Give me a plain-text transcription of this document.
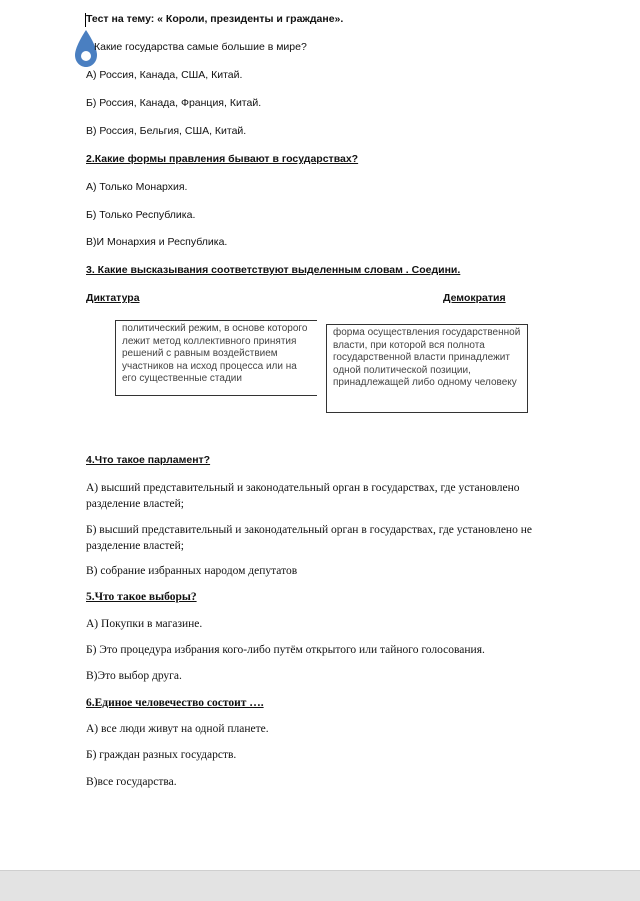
Тест на тему: « Короли, президенты и граждане».
Какие государства самые большие в мире?
А) Россия, Канада, США, Китай.
Б) Россия, Канада, Франция, Китай.
В) Россия, Бельгия, США, Китай.
2.Какие формы правления бывают в государствах?
А) Только Монархия.
Б) Только Республика.
В)И Монархия и Республика.
3. Какие высказывания соответствуют выделенным словам . Соедини.
Диктатура	Демократия
политический режим, в основе которого лежит метод коллективного принятия решений с равным воздействием участников на исход процесса или на его существенные стадии
форма осуществления государственной власти, при которой вся полнота государственной власти принадлежит одной политической позиции, принадлежащей либо одному человеку
4.Что такое парламент?
А) высший представительный и законодательный орган в государствах, где установлено разделение властей;
Б) высший представительный и законодательный орган в государствах, где установлено не разделение властей;
В) собрание избранных народом депутатов
5.Что такое выборы?
А) Покупки в магазине.
Б) Это процедура избрания кого-либо путём открытого или тайного голосования.
В)Это выбор друга.
6.Единое человечество состоит ….
А) все люди живут на одной планете.
Б) граждан разных государств.
В)все государства.
